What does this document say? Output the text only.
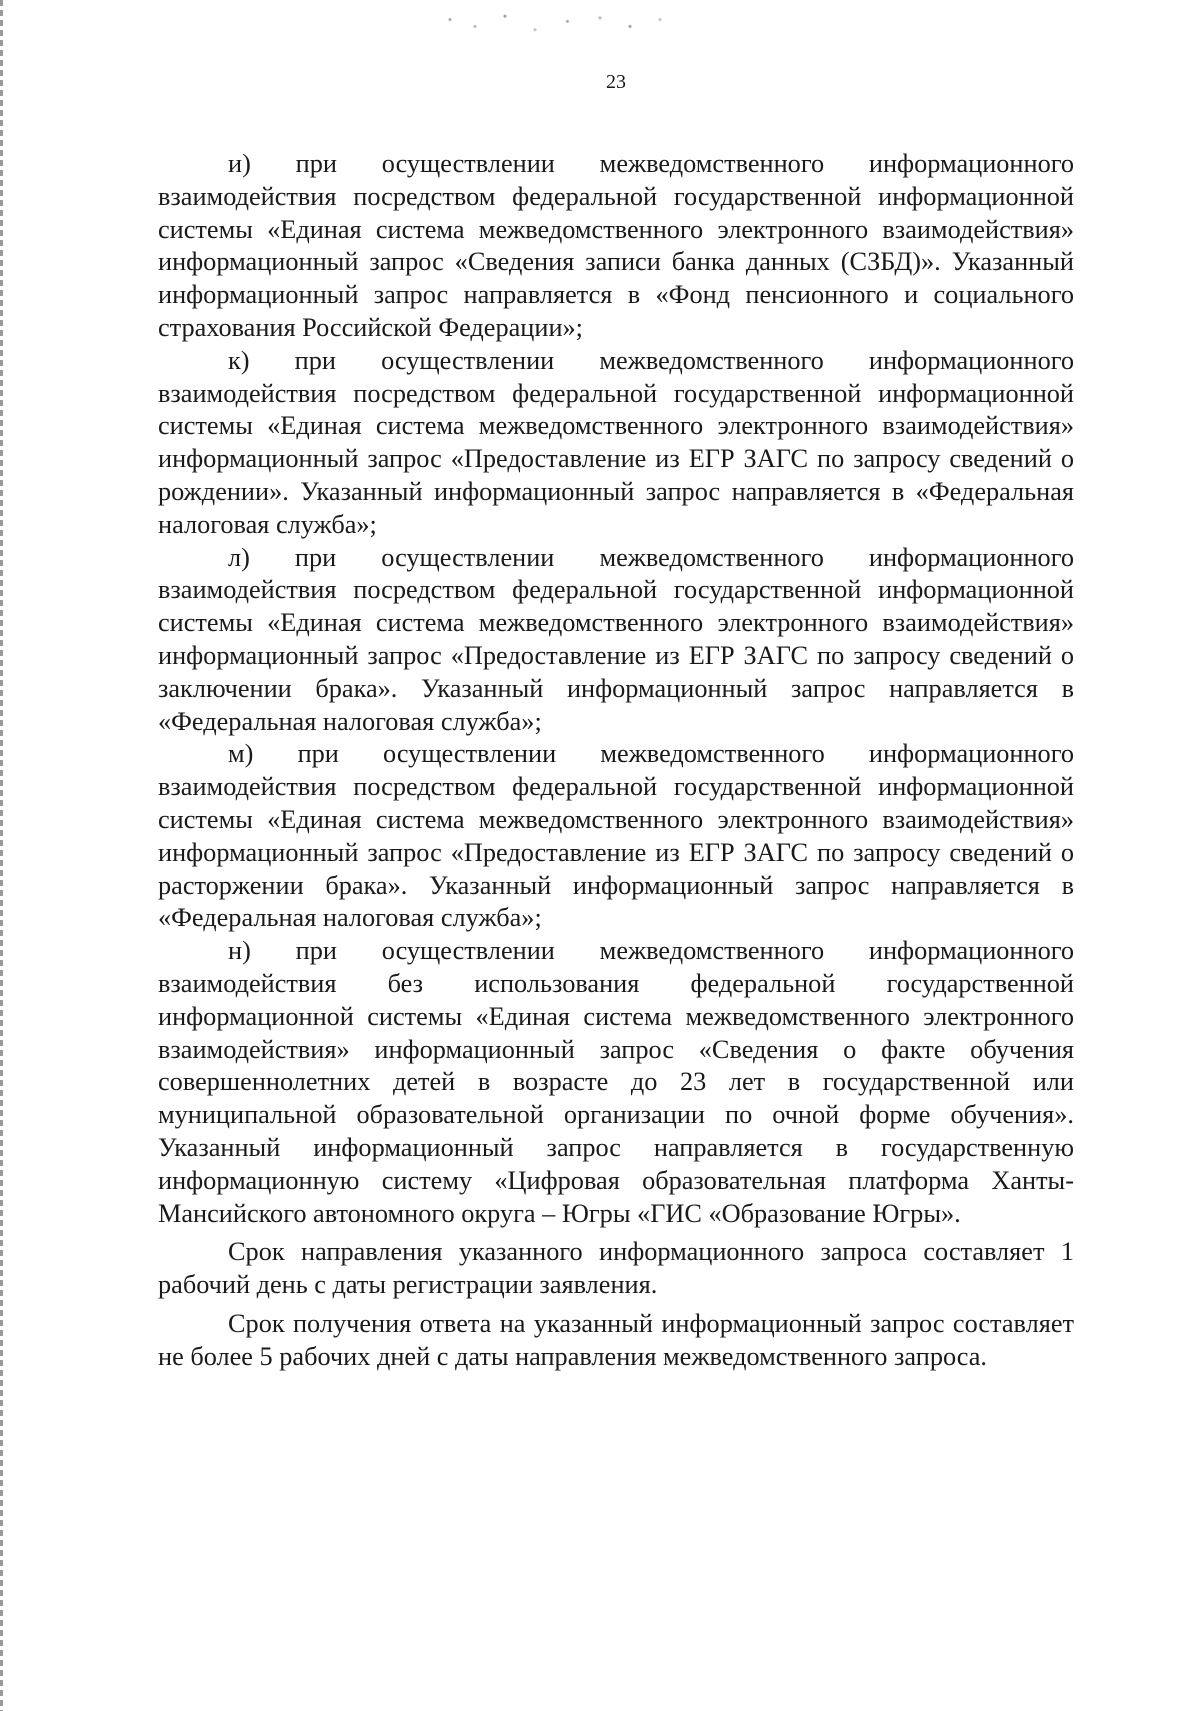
23

и) при осуществлении межведомственного информационного взаимодействия посредством федеральной государственной информационной системы «Единая система межведомственного электронного взаимодействия» информационный запрос «Сведения записи банка данных (СЗБД)». Указанный информационный запрос направляется в «Фонд пенсионного и социального страхования Российской Федерации»;

к) при осуществлении межведомственного информационного взаимодействия посредством федеральной государственной информационной системы «Единая система межведомственного электронного взаимодействия» информационный запрос «Предоставление из ЕГР ЗАГС по запросу сведений о рождении». Указанный информационный запрос направляется в «Федеральная налоговая служба»;

л) при осуществлении межведомственного информационного взаимодействия посредством федеральной государственной информационной системы «Единая система межведомственного электронного взаимодействия» информационный запрос «Предоставление из ЕГР ЗАГС по запросу сведений о заключении брака». Указанный информационный запрос направляется в «Федеральная налоговая служба»;

м) при осуществлении межведомственного информационного взаимодействия посредством федеральной государственной информационной системы «Единая система межведомственного электронного взаимодействия» информационный запрос «Предоставление из ЕГР ЗАГС по запросу сведений о расторжении брака». Указанный информационный запрос направляется в «Федеральная налоговая служба»;

н) при осуществлении межведомственного информационного взаимодействия без использования федеральной государственной информационной системы «Единая система межведомственного электронного взаимодействия» информационный запрос «Сведения о факте обучения совершеннолетних детей в возрасте до 23 лет в государственной или муниципальной образовательной организации по очной форме обучения». Указанный информационный запрос направляется в государственную информационную систему «Цифровая образовательная платформа Ханты-Мансийского автономного округа – Югры «ГИС «Образование Югры».

Срок направления указанного информационного запроса составляет 1 рабочий день с даты регистрации заявления.

Срок получения ответа на указанный информационный запрос составляет не более 5 рабочих дней с даты направления межведомственного запроса.
